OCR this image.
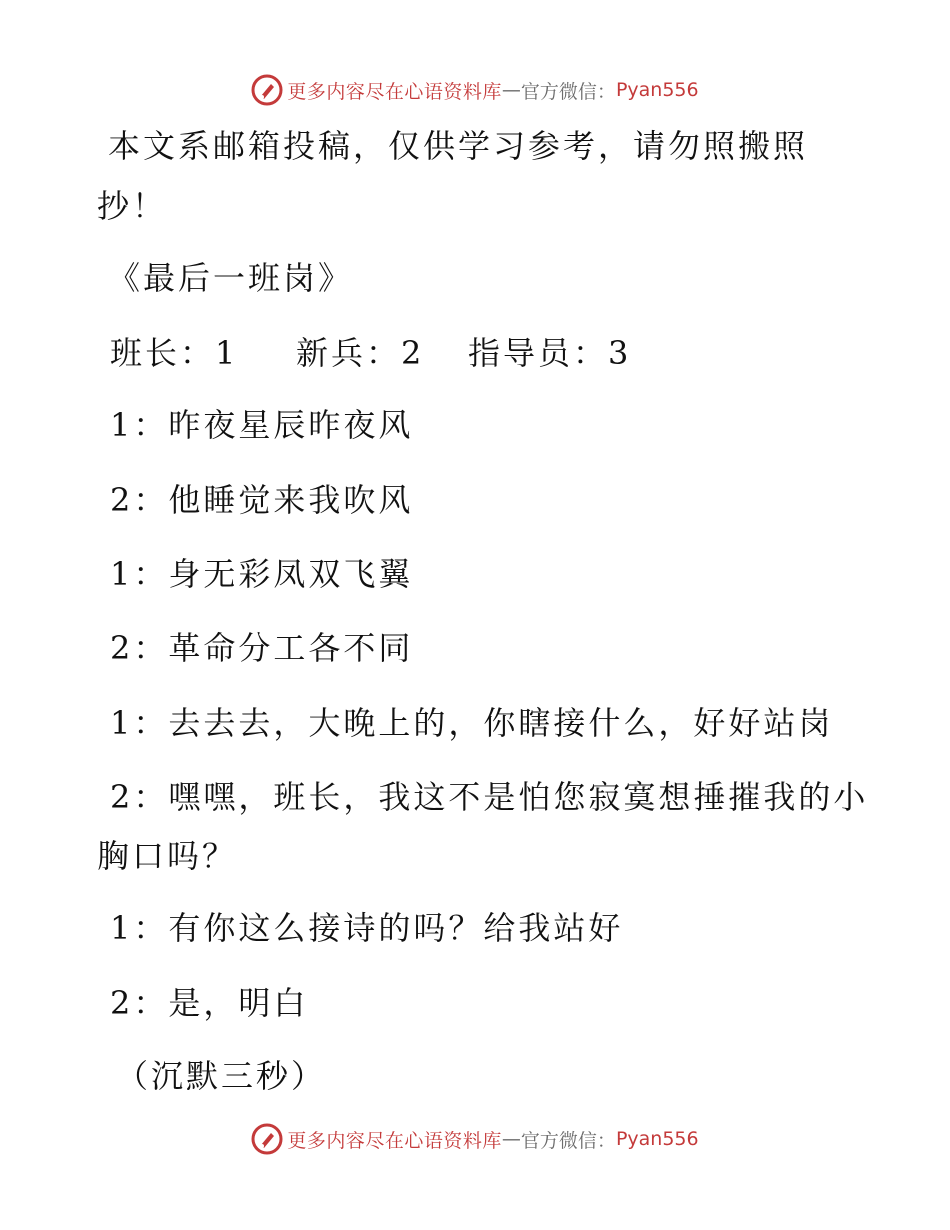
更多内容尽在心语资料库 — 官方微信： Pyan556
本文系邮箱投稿，仅供学习参考，请勿照搬照
抄！
《最后一班岗》
班长：1 新兵：2 指导员：3
1：昨夜星辰昨夜风
2：他睡觉来我吹风
1：身无彩凤双飞翼
2：革命分工各不同
1：去去去，大晚上的，你瞎接什么，好好站岗
2：嘿嘿，班长，我这不是怕您寂寞想捶摧我的小
胸口吗？
1：有你这么接诗的吗？给我站好
2：是，明白
（沉默三秒）
更多内容尽在心语资料库 — 官方微信： Pyan556
